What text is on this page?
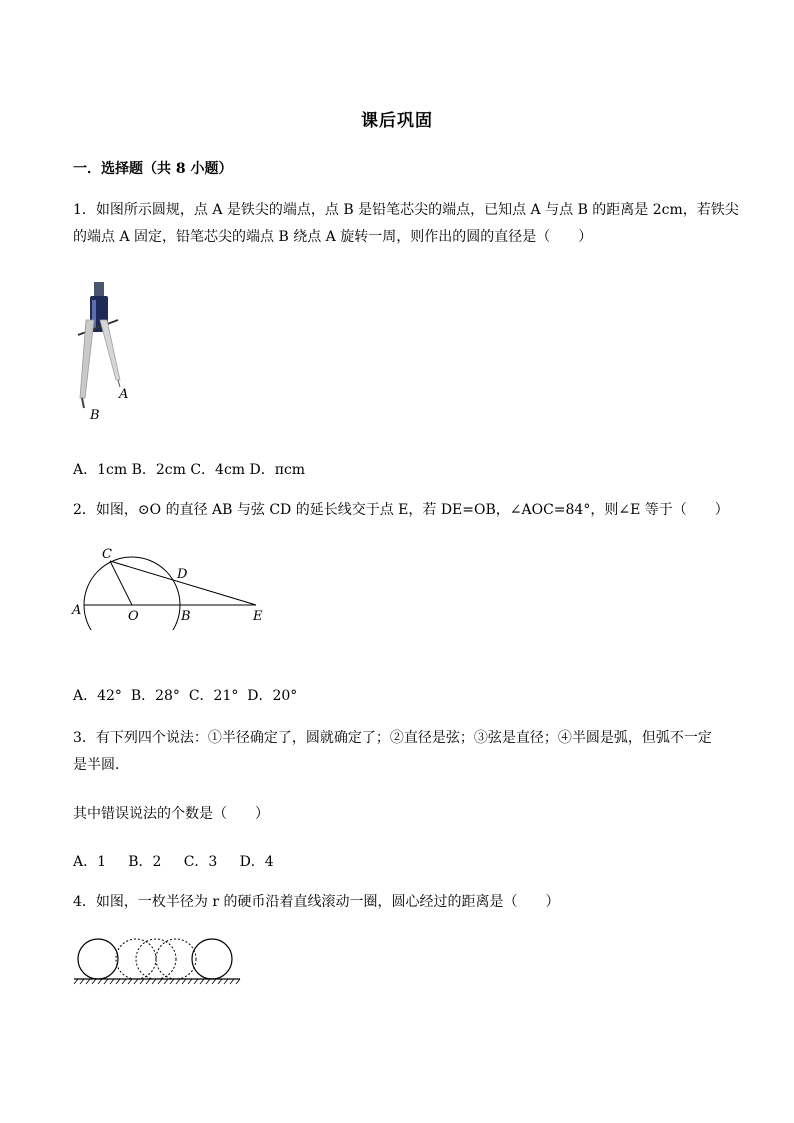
课后巩固
一．选择题（共 8 小题）

1．如图所示圆规，点 A 是铁尖的端点，点 B 是铅笔芯尖的端点，已知点 A 与点 B 的距离是 2cm，若铁尖

的端点 A 固定，铅笔芯尖的端点 B 绕点 A 旋转一周，则作出的圆的直径是（　　）

A
B
A．1cm B．2cm C．4cm D．πcm

2．如图，⊙O 的直径 AB 与弦 CD 的延长线交于点 E，若 DE=OB，∠AOC=84°，则∠E 等于（　　）

C
D
A	O	B	E
A．42°  B．28°  C．21°  D．20°

3．有下列四个说法：①半径确定了，圆就确定了；②直径是弦；③弦是直径；④半圆是弧，但弧不一定

是半圆．

其中错误说法的个数是（　　）

A．1     B．2     C．3     D．4

4．如图，一枚半径为 r 的硬币沿着直线滚动一圈，圆心经过的距离是（　　）
